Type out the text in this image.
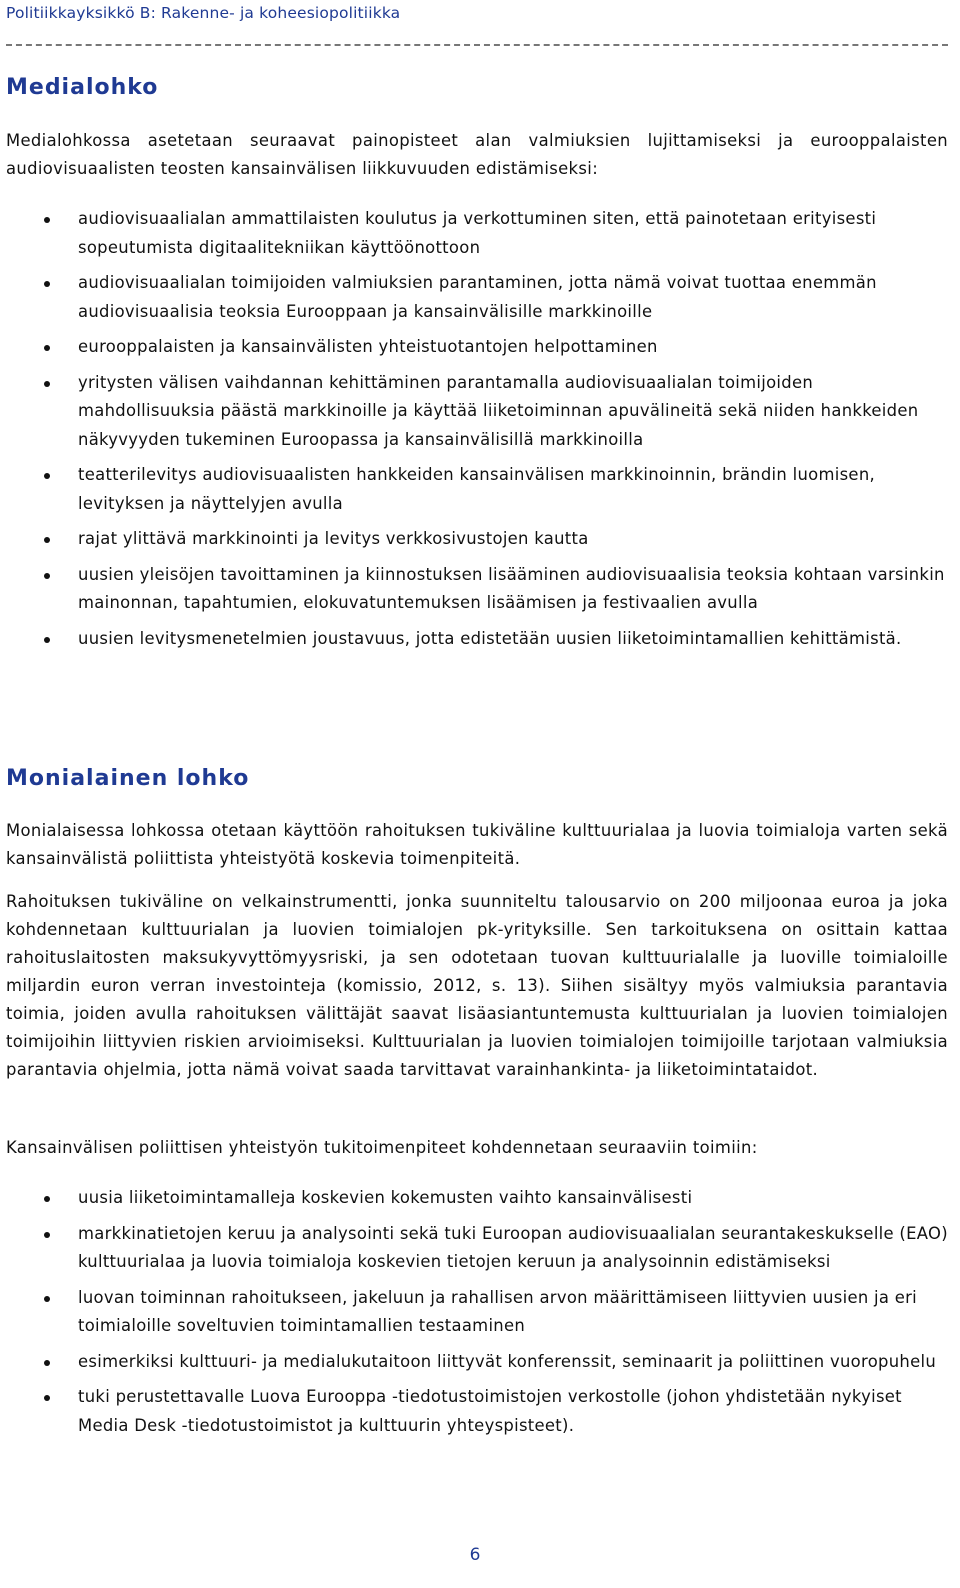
Politiikkayksikkö B: Rakenne- ja koheesiopolitiikka
Medialohko

Medialohkossa asetetaan seuraavat painopisteet alan valmiuksien lujittamiseksi ja eurooppalaisten audiovisuaalisten teosten kansainvälisen liikkuvuuden edistämiseksi:

audiovisuaalialan ammattilaisten koulutus ja verkottuminen siten, että painotetaan erityisesti sopeutumista digitaalitekniikan käyttöönottoon
audiovisuaalialan toimijoiden valmiuksien parantaminen, jotta nämä voivat tuottaa enemmän audiovisuaalisia teoksia Eurooppaan ja kansainvälisille markkinoille
eurooppalaisten ja kansainvälisten yhteistuotantojen helpottaminen
yritysten välisen vaihdannan kehittäminen parantamalla audiovisuaalialan toimijoiden mahdollisuuksia päästä markkinoille ja käyttää liiketoiminnan apuvälineitä sekä niiden hankkeiden näkyvyyden tukeminen Euroopassa ja kansainvälisillä markkinoilla
teatterilevitys audiovisuaalisten hankkeiden kansainvälisen markkinoinnin, brändin luomisen, levityksen ja näyttelyjen avulla
rajat ylittävä markkinointi ja levitys verkkosivustojen kautta
uusien yleisöjen tavoittaminen ja kiinnostuksen lisääminen audiovisuaalisia teoksia kohtaan varsinkin mainonnan, tapahtumien, elokuvatuntemuksen lisäämisen ja festivaalien avulla
uusien levitysmenetelmien joustavuus, jotta edistetään uusien liiketoimintamallien kehittämistä.
Monialainen lohko

Monialaisessa lohkossa otetaan käyttöön rahoituksen tukiväline kulttuurialaa ja luovia toimialoja varten sekä kansainvälistä poliittista yhteistyötä koskevia toimenpiteitä.

Rahoituksen tukiväline on velkainstrumentti, jonka suunniteltu talousarvio on 200 miljoonaa euroa ja joka kohdennetaan kulttuurialan ja luovien toimialojen pk-yrityksille. Sen tarkoituksena on osittain kattaa rahoituslaitosten maksukyvyttömyysriski, ja sen odotetaan tuovan kulttuurialalle ja luoville toimialoille miljardin euron verran investointeja (komissio, 2012, s. 13). Siihen sisältyy myös valmiuksia parantavia toimia, joiden avulla rahoituksen välittäjät saavat lisäasiantuntemusta kulttuurialan ja luovien toimialojen toimijoihin liittyvien riskien arvioimiseksi. Kulttuurialan ja luovien toimialojen toimijoille tarjotaan valmiuksia parantavia ohjelmia, jotta nämä voivat saada tarvittavat varainhankinta- ja liiketoimintataidot.

Kansainvälisen poliittisen yhteistyön tukitoimenpiteet kohdennetaan seuraaviin toimiin:

uusia liiketoimintamalleja koskevien kokemusten vaihto kansainvälisesti
markkinatietojen keruu ja analysointi sekä tuki Euroopan audiovisuaalialan seurantakeskukselle (EAO) kulttuurialaa ja luovia toimialoja koskevien tietojen keruun ja analysoinnin edistämiseksi
luovan toiminnan rahoitukseen, jakeluun ja rahallisen arvon määrittämiseen liittyvien uusien ja eri toimialoille soveltuvien toimintamallien testaaminen
esimerkiksi kulttuuri- ja medialukutaitoon liittyvät konferenssit, seminaarit ja poliittinen vuoropuhelu
tuki perustettavalle Luova Eurooppa -tiedotustoimistojen verkostolle (johon yhdistetään nykyiset Media Desk -tiedotustoimistot ja kulttuurin yhteyspisteet).
6
